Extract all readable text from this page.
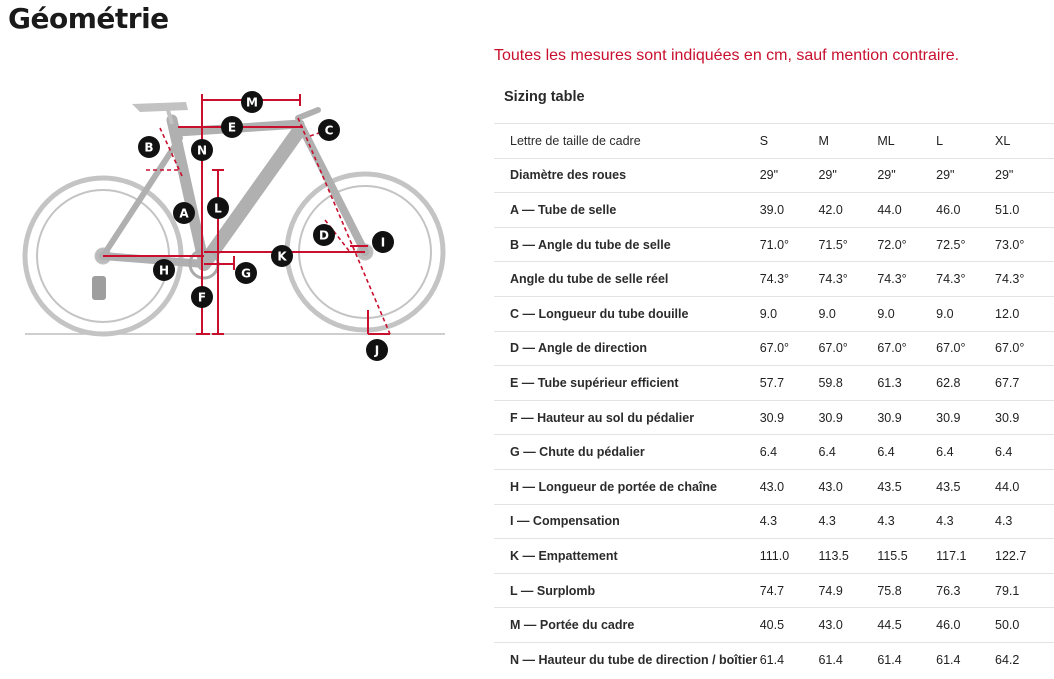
Géométrie
M
E	C
B	N
A L
D	I
K
H	G
F
J
Toutes les mesures sont indiquées en cm, sauf mention contraire.
Sizing table
Lettre de taille de cadre	S	M	ML	L	XL
Diamètre des roues	29"	29"	29"	29"	29"
A — Tube de selle	39.0	42.0	44.0	46.0	51.0
B — Angle du tube de selle	71.0°	71.5°	72.0°	72.5°	73.0°
Angle du tube de selle réel	74.3°	74.3°	74.3°	74.3°	74.3°
C — Longueur du tube douille	9.0	9.0	9.0	9.0	12.0
D — Angle de direction	67.0°	67.0°	67.0°	67.0°	67.0°
E — Tube supérieur efficient	57.7	59.8	61.3	62.8	67.7
F — Hauteur au sol du pédalier	30.9	30.9	30.9	30.9	30.9
G — Chute du pédalier	6.4	6.4	6.4	6.4	6.4
H — Longueur de portée de chaîne	43.0	43.0	43.5	43.5	44.0
I — Compensation	4.3	4.3	4.3	4.3	4.3
K — Empattement	111.0	113.5	115.5	117.1	122.7
L — Surplomb	74.7	74.9	75.8	76.3	79.1
M — Portée du cadre	40.5	43.0	44.5	46.0	50.0
N — Hauteur du tube de direction / boîtier	61.4	61.4	61.4	61.4	64.2
